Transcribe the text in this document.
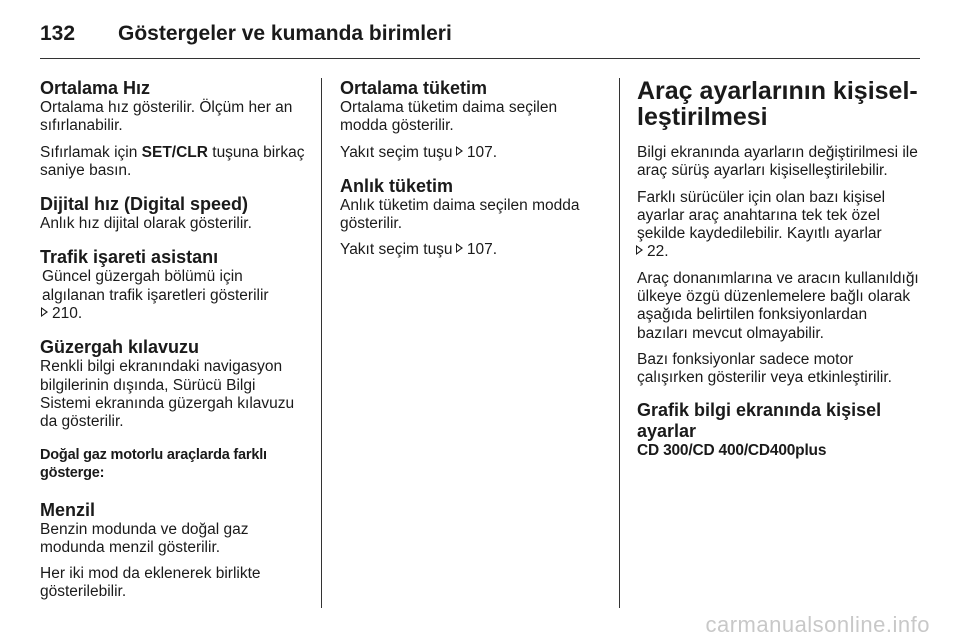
132 Göstergeler ve kumanda birimleri
Ortalama Hız

Ortalama hız gösterilir. Ölçüm her an sıfırlanabilir.

Sıfırlamak için SET/CLR tuşuna birkaç saniye basın.

Dijital hız (Digital speed)

Anlık hız dijital olarak gösterilir.

Trafik işareti asistanı

Güncel güzergah bölümü için algılanan trafik işaretleri gösterilir
210.

Güzergah kılavuzu

Renkli bilgi ekranındaki navigasyon bilgilerinin dışında, Sürücü Bilgi Sistemi ekranında güzergah kılavuzu da gösterilir.

Doğal gaz motorlu araçlarda farklı gösterge:
Menzil

Benzin modunda ve doğal gaz modunda menzil gösterilir.

Her iki mod da eklenerek birlikte gösterilebilir.

Ortalama tüketim

Ortalama tüketim daima seçilen modda gösterilir.

Yakıt seçim tuşu 107.

Anlık tüketim

Anlık tüketim daima seçilen modda gösterilir.

Yakıt seçim tuşu 107.

Araç ayarlarının kişisel-leştirilmesi

Bilgi ekranında ayarların değiştirilmesi ile araç sürüş ayarları kişiselleştirilebilir.

Farklı sürücüler için olan bazı kişisel ayarlar araç anahtarına tek tek özel şekilde kaydedilebilir. Kayıtlı ayarlar
22.

Araç donanımlarına ve aracın kullanıldığı ülkeye özgü düzenlemelere bağlı olarak aşağıda belirtilen fonksiyonlardan bazıları mevcut olmayabilir.

Bazı fonksiyonlar sadece motor çalışırken gösterilir veya etkinleştirilir.

Grafik bilgi ekranında kişisel ayarlar
CD 300/CD 400/CD400plus
carmanualsonline.info
